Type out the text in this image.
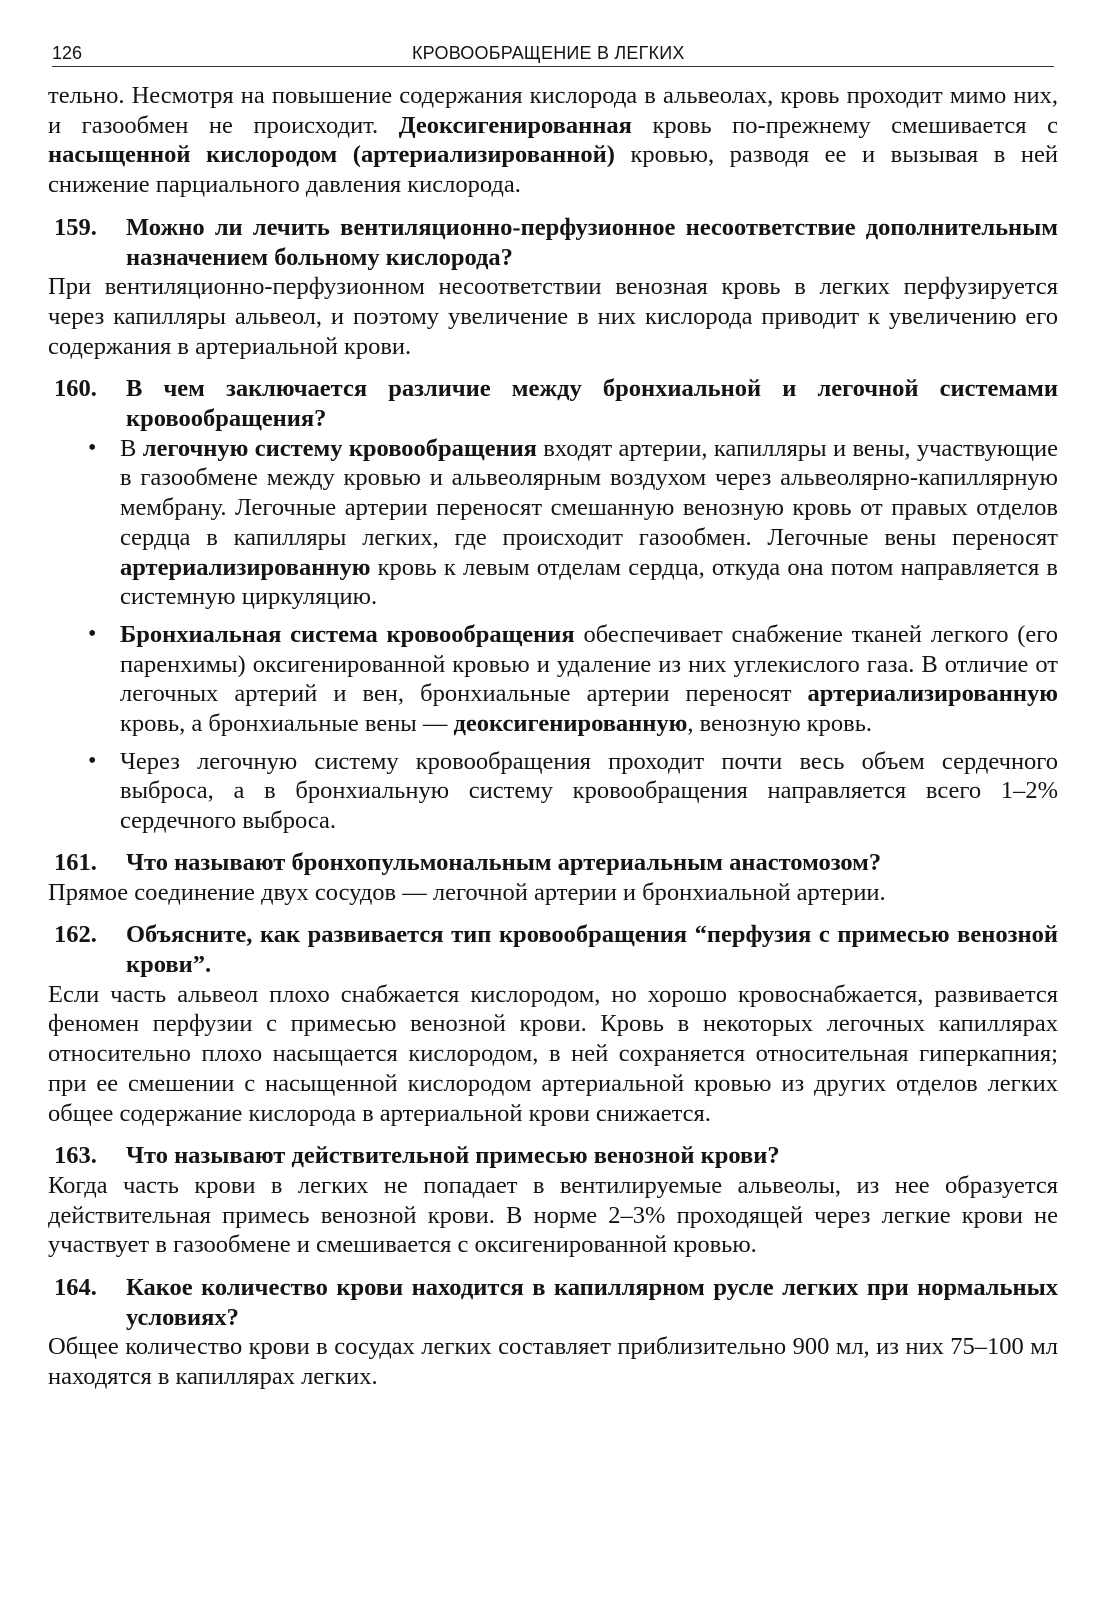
126	КРОВООБРАЩЕНИЕ В ЛЕГКИХ

тельно. Несмотря на повышение содержания кислорода в альвеолах, кровь проходит мимо них, и газообмен не происходит. Деоксигенированная кровь по-прежнему смешивается с насыщенной кислородом (артериализированной) кровью, разводя ее и вызывая в ней снижение парциального давления кислорода.

159. Можно ли лечить вентиляционно-перфузионное несоответствие дополнительным назначением больному кислорода?

При вентиляционно-перфузионном несоответствии венозная кровь в легких перфузируется через капилляры альвеол, и поэтому увеличение в них кислорода приводит к увеличению его содержания в артериальной крови.

160. В чем заключается различие между бронхиальной и легочной системами кровообращения?

• В легочную систему кровообращения входят артерии, капилляры и вены, участвующие в газообмене между кровью и альвеолярным воздухом через альвеолярно-капиллярную мембрану. Легочные артерии переносят смешанную венозную кровь от правых отделов сердца в капилляры легких, где происходит газообмен. Легочные вены переносят артериализированную кровь к левым отделам сердца, откуда она потом направляется в системную циркуляцию.
• Бронхиальная система кровообращения обеспечивает снабжение тканей легкого (его паренхимы) оксигенированной кровью и удаление из них углекислого газа. В отличие от легочных артерий и вен, бронхиальные артерии переносят артериализированную кровь, а бронхиальные вены — деоксигенированную, венозную кровь.
• Через легочную систему кровообращения проходит почти весь объем сердечного выброса, а в бронхиальную систему кровообращения направляется всего 1–2% сердечного выброса.

161. Что называют бронхопульмональным артериальным анастомозом?

Прямое соединение двух сосудов — легочной артерии и бронхиальной артерии.

162. Объясните, как развивается тип кровообращения “перфузия с примесью венозной крови”.

Если часть альвеол плохо снабжается кислородом, но хорошо кровоснабжается, развивается феномен перфузии с примесью венозной крови. Кровь в некоторых легочных капиллярах относительно плохо насыщается кислородом, в ней сохраняется относительная гиперкапния; при ее смешении с насыщенной кислородом артериальной кровью из других отделов легких общее содержание кислорода в артериальной крови снижается.

163. Что называют действительной примесью венозной крови?

Когда часть крови в легких не попадает в вентилируемые альвеолы, из нее образуется действительная примесь венозной крови. В норме 2–3% проходящей через легкие крови не участвует в газообмене и смешивается с оксигенированной кровью.

164. Какое количество крови находится в капиллярном русле легких при нормальных условиях?

Общее количество крови в сосудах легких составляет приблизительно 900 мл, из них 75–100 мл находятся в капиллярах легких.
